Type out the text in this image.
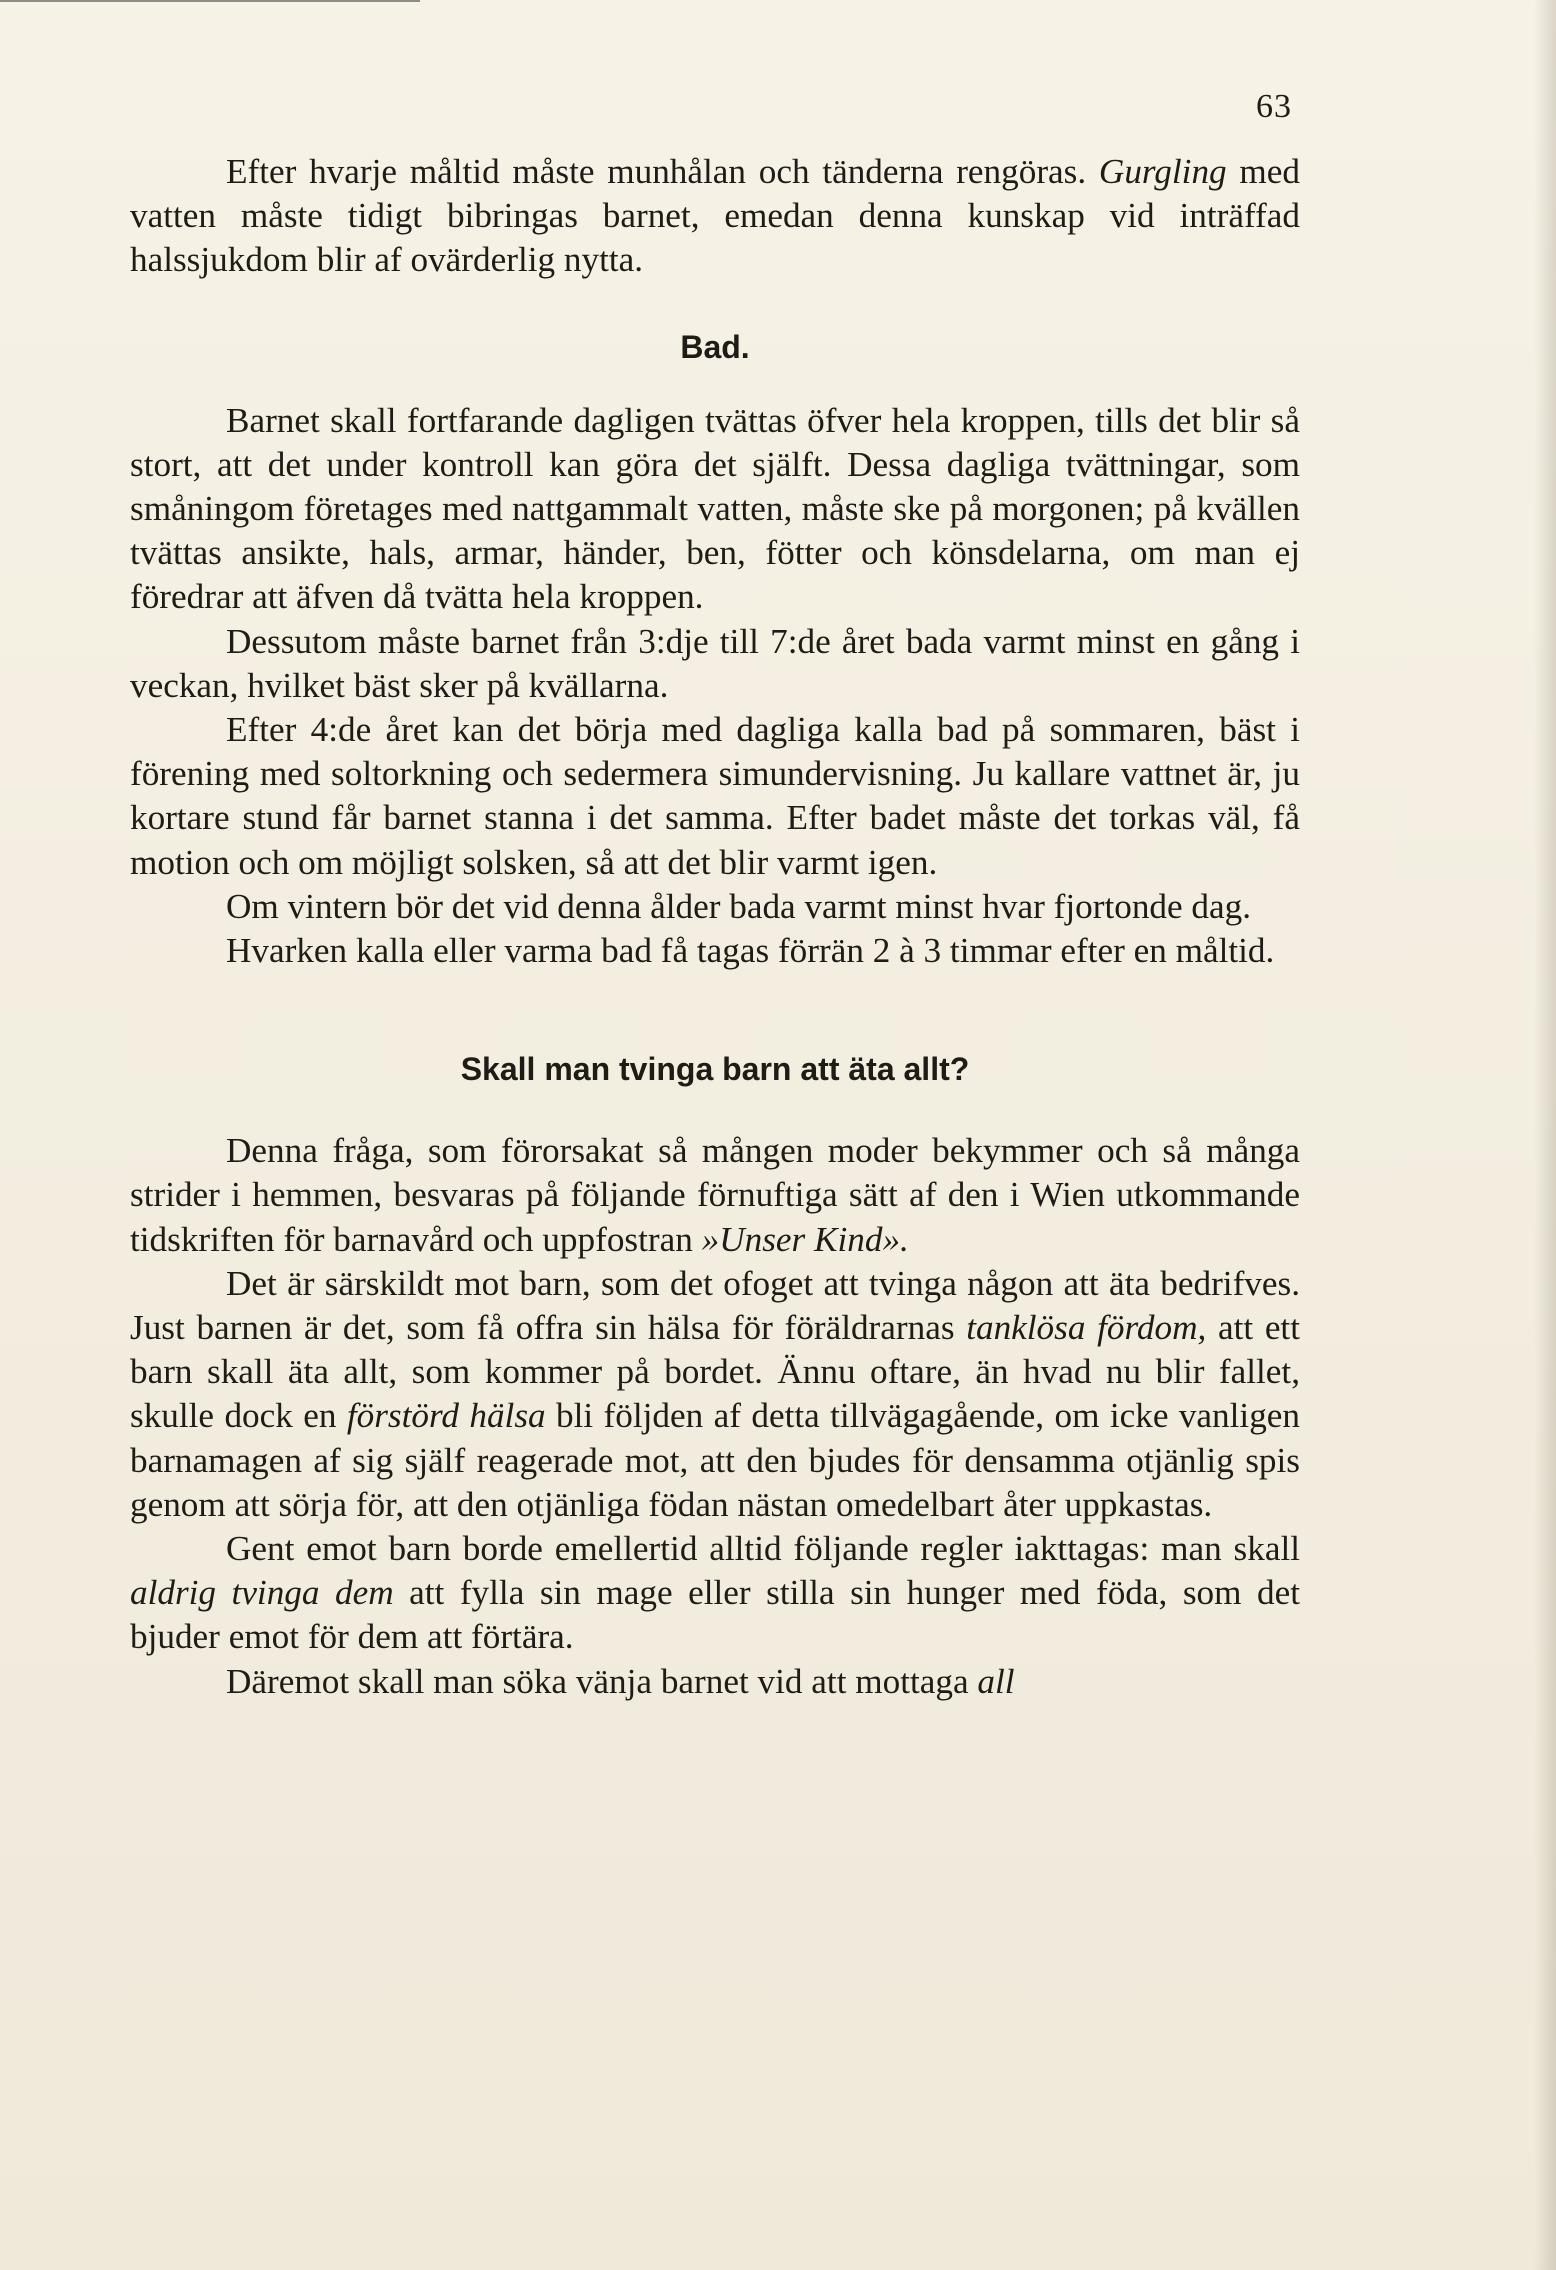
63

Efter hvarje måltid måste munhålan och tänderna rengöras. Gurgling med vatten måste tidigt bibringas barnet, emedan denna kunskap vid inträffad halssjukdom blir af ovärderlig nytta.

Bad.

Barnet skall fortfarande dagligen tvättas öfver hela kroppen, tills det blir så stort, att det under kontroll kan göra det själft. Dessa dagliga tvättningar, som småningom företages med nattgammalt vatten, måste ske på morgonen; på kvällen tvättas ansikte, hals, armar, händer, ben, fötter och könsdelarna, om man ej föredrar att äfven då tvätta hela kroppen.

Dessutom måste barnet från 3:dje till 7:de året bada varmt minst en gång i veckan, hvilket bäst sker på kvällarna.

Efter 4:de året kan det börja med dagliga kalla bad på sommaren, bäst i förening med soltorkning och sedermera simundervisning. Ju kallare vattnet är, ju kortare stund får barnet stanna i det samma. Efter badet måste det torkas väl, få motion och om möjligt solsken, så att det blir varmt igen.

Om vintern bör det vid denna ålder bada varmt minst hvar fjortonde dag.

Hvarken kalla eller varma bad få tagas förrän 2 à 3 timmar efter en måltid.

Skall man tvinga barn att äta allt?

Denna fråga, som förorsakat så mången moder bekymmer och så många strider i hemmen, besvaras på följande förnuftiga sätt af den i Wien utkommande tidskriften för barnavård och uppfostran »Unser Kind».

Det är särskildt mot barn, som det ofoget att tvinga någon att äta bedrifves. Just barnen är det, som få offra sin hälsa för föräldrarnas tanklösa fördom, att ett barn skall äta allt, som kommer på bordet. Ännu oftare, än hvad nu blir fallet, skulle dock en förstörd hälsa bli följden af detta tillvägagående, om icke vanligen barnamagen af sig själf reagerade mot, att den bjudes för densamma otjänlig spis genom att sörja för, att den otjänliga födan nästan omedelbart åter uppkastas.

Gent emot barn borde emellertid alltid följande regler iakttagas: man skall aldrig tvinga dem att fylla sin mage eller stilla sin hunger med föda, som det bjuder emot för dem att förtära.

Däremot skall man söka vänja barnet vid att mottaga all
